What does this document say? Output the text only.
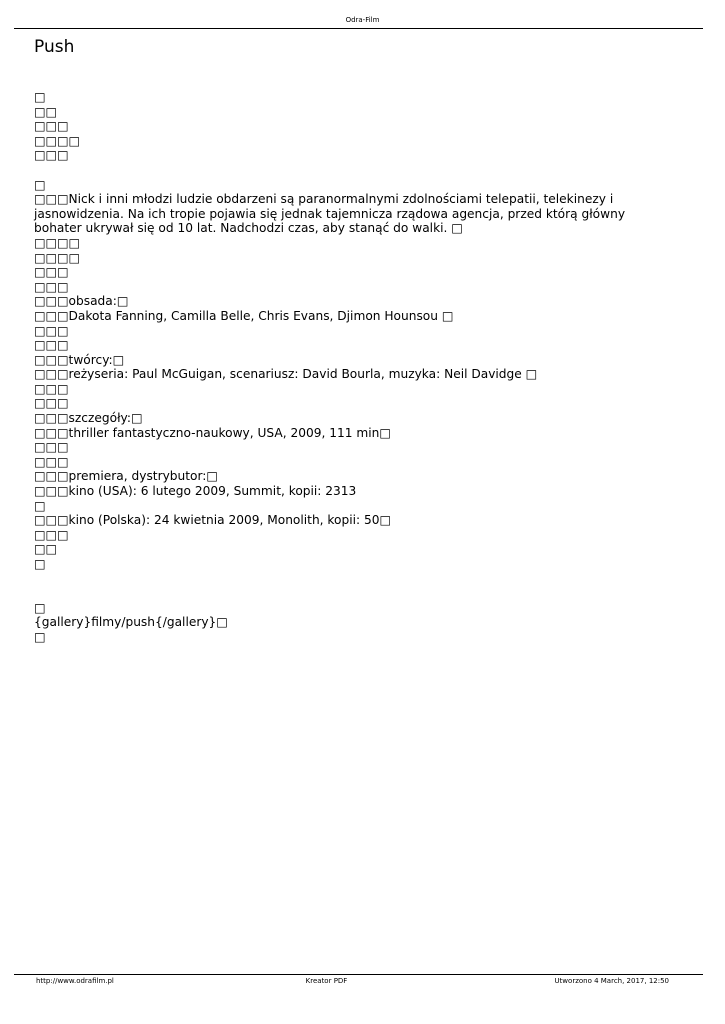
Odra-Film
Push
□
□□
□□□
□□□□
□□□
□
□□□Nick i inni młodzi ludzie obdarzeni są paranormalnymi zdolnościami telepatii, telekinezy i jasnowidzenia. Na ich tropie pojawia się jednak tajemnicza rządowa agencja, przed którą główny bohater ukrywał się od 10 lat. Nadchodzi czas, aby stanąć do walki. □
□□□□
□□□□
□□□
□□□
□□□obsada:□
□□□Dakota Fanning, Camilla Belle, Chris Evans, Djimon Hounsou □
□□□
□□□
□□□twórcy:□
□□□reżyseria: Paul McGuigan, scenariusz: David Bourla, muzyka: Neil Davidge □
□□□
□□□
□□□szczegóły:□
□□□thriller fantastyczno-naukowy, USA, 2009, 111 min□
□□□
□□□
□□□premiera, dystrybutor:□
□□□kino (USA): 6 lutego 2009, Summit, kopii: 2313
□
□□□kino (Polska): 24 kwietnia 2009, Monolith, kopii: 50□
□□□
□□
□
□
{gallery}filmy/push{/gallery}□
□
http://www.odrafilm.pl	Kreator PDF	Utworzono 4 March, 2017, 12:50
